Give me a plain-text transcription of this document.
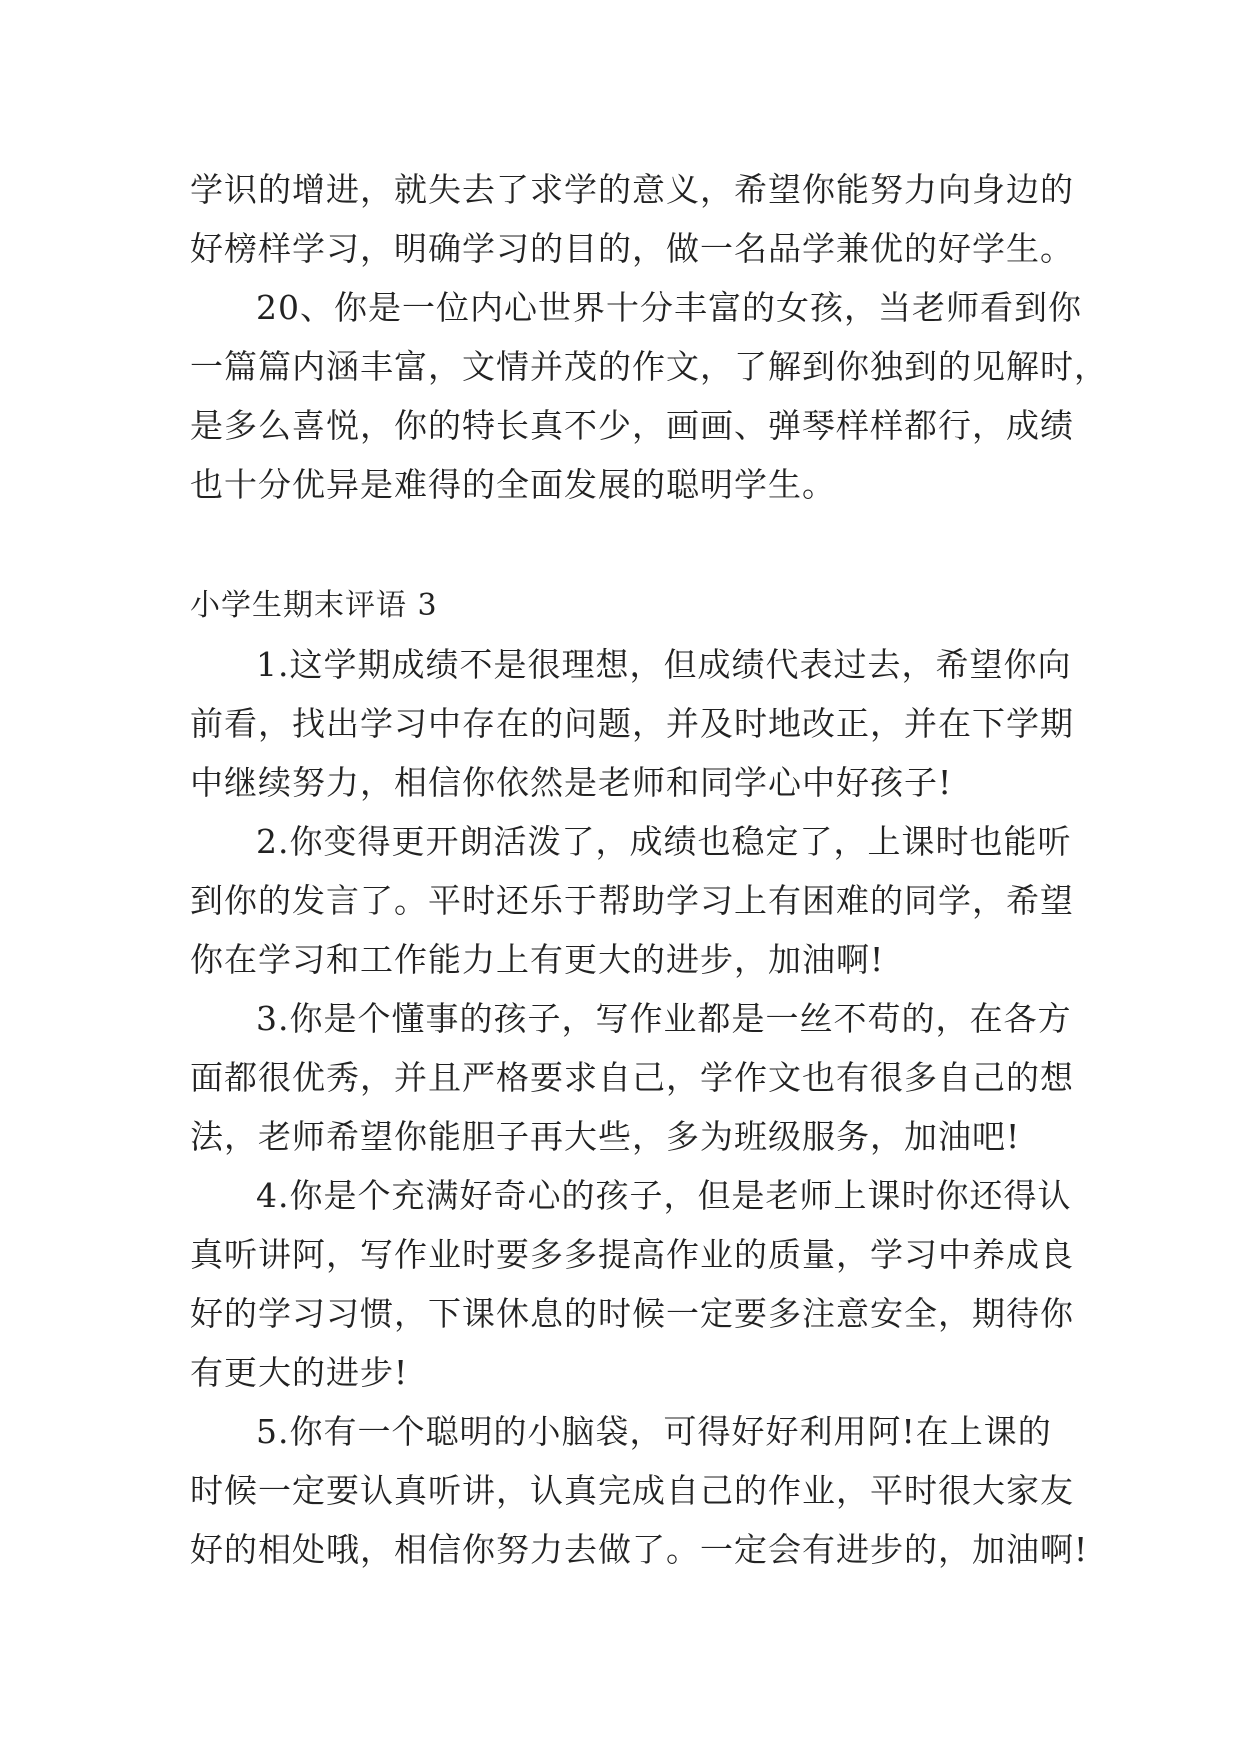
学识的增进，就失去了求学的意义，希望你能努力向身边的
好榜样学习，明确学习的目的，做一名品学兼优的好学生。
20、你是一位内心世界十分丰富的女孩，当老师看到你
一篇篇内涵丰富，文情并茂的作文，了解到你独到的见解时，
是多么喜悦，你的特长真不少，画画、弹琴样样都行，成绩
也十分优异是难得的全面发展的聪明学生。
小学生期末评语 3
1.这学期成绩不是很理想，但成绩代表过去，希望你向
前看，找出学习中存在的问题，并及时地改正，并在下学期
中继续努力，相信你依然是老师和同学心中好孩子!
2.你变得更开朗活泼了，成绩也稳定了，上课时也能听
到你的发言了。平时还乐于帮助学习上有困难的同学，希望
你在学习和工作能力上有更大的进步，加油啊!
3.你是个懂事的孩子，写作业都是一丝不苟的，在各方
面都很优秀，并且严格要求自己，学作文也有很多自己的想
法，老师希望你能胆子再大些，多为班级服务，加油吧!
4.你是个充满好奇心的孩子，但是老师上课时你还得认
真听讲阿，写作业时要多多提高作业的质量，学习中养成良
好的学习习惯，下课休息的时候一定要多注意安全，期待你
有更大的进步!
5.你有一个聪明的小脑袋，可得好好利用阿!在上课的
时候一定要认真听讲，认真完成自己的作业，平时很大家友
好的相处哦，相信你努力去做了。一定会有进步的，加油啊!
